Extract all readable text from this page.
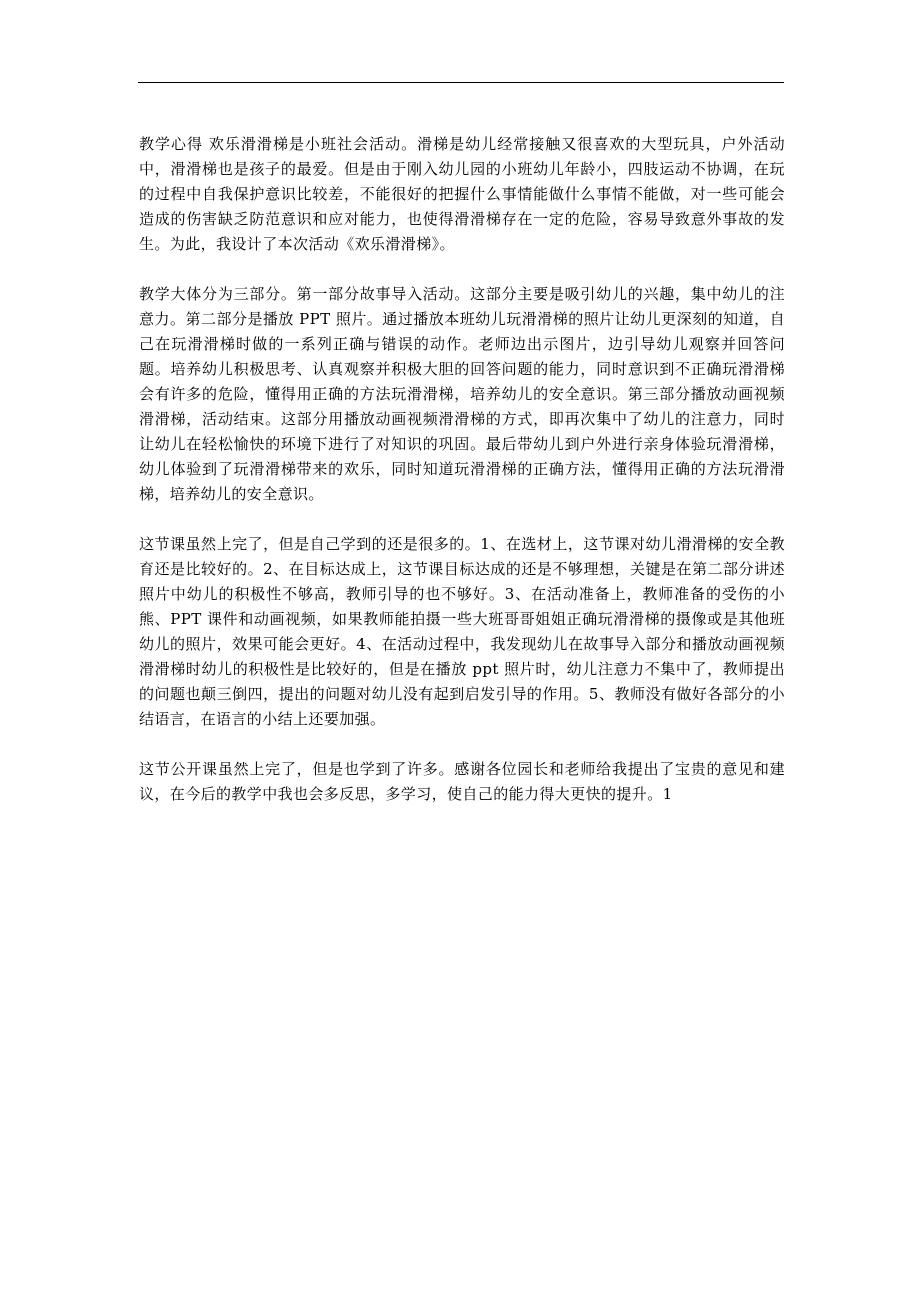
教学心得 欢乐滑滑梯是小班社会活动。滑梯是幼儿经常接触又很喜欢的大型玩具，户外活动中，滑滑梯也是孩子的最爱。但是由于刚入幼儿园的小班幼儿年龄小，四肢运动不协调，在玩的过程中自我保护意识比较差，不能很好的把握什么事情能做什么事情不能做，对一些可能会造成的伤害缺乏防范意识和应对能力，也使得滑滑梯存在一定的危险，容易导致意外事故的发生。为此，我设计了本次活动《欢乐滑滑梯》。

教学大体分为三部分。第一部分故事导入活动。这部分主要是吸引幼儿的兴趣，集中幼儿的注意力。第二部分是播放 PPT 照片。通过播放本班幼儿玩滑滑梯的照片让幼儿更深刻的知道，自己在玩滑滑梯时做的一系列正确与错误的动作。老师边出示图片，边引导幼儿观察并回答问题。培养幼儿积极思考、认真观察并积极大胆的回答问题的能力，同时意识到不正确玩滑滑梯会有许多的危险，懂得用正确的方法玩滑滑梯，培养幼儿的安全意识。第三部分播放动画视频滑滑梯，活动结束。这部分用播放动画视频滑滑梯的方式，即再次集中了幼儿的注意力，同时让幼儿在轻松愉快的环境下进行了对知识的巩固。最后带幼儿到户外进行亲身体验玩滑滑梯，幼儿体验到了玩滑滑梯带来的欢乐，同时知道玩滑滑梯的正确方法，懂得用正确的方法玩滑滑梯，培养幼儿的安全意识。

这节课虽然上完了，但是自己学到的还是很多的。1、在选材上，这节课对幼儿滑滑梯的安全教育还是比较好的。2、在目标达成上，这节课目标达成的还是不够理想，关键是在第二部分讲述照片中幼儿的积极性不够高，教师引导的也不够好。3、在活动准备上，教师准备的受伤的小熊、PPT 课件和动画视频，如果教师能拍摄一些大班哥哥姐姐正确玩滑滑梯的摄像或是其他班幼儿的照片，效果可能会更好。4、在活动过程中，我发现幼儿在故事导入部分和播放动画视频滑滑梯时幼儿的积极性是比较好的，但是在播放 ppt 照片时，幼儿注意力不集中了，教师提出的问题也颠三倒四，提出的问题对幼儿没有起到启发引导的作用。5、教师没有做好各部分的小结语言，在语言的小结上还要加强。

这节公开课虽然上完了，但是也学到了许多。感谢各位园长和老师给我提出了宝贵的意见和建议，在今后的教学中我也会多反思，多学习，使自己的能力得大更快的提升。1
